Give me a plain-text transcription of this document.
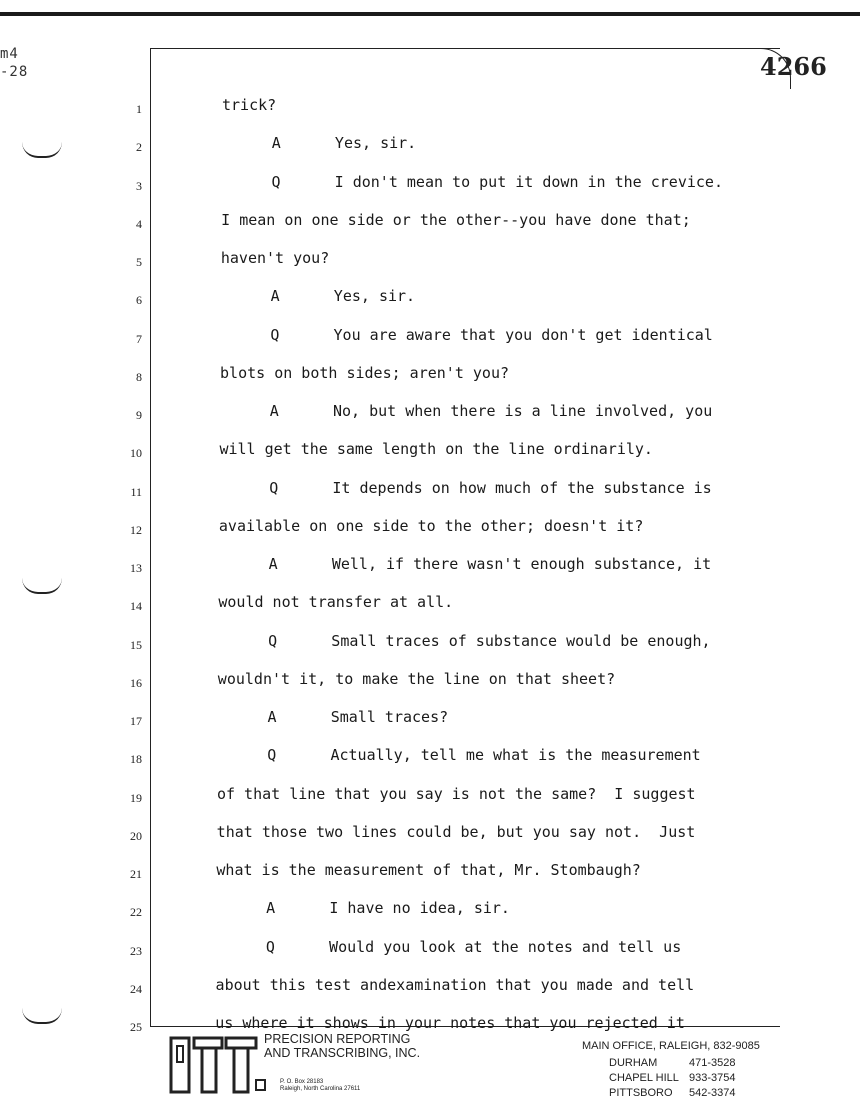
m4
-28	4266
1	trick?
2	A      Yes, sir.
3	Q      I don't mean to put it down in the crevice.
4	I mean on one side or the other--you have done that;
5	haven't you?
6	A      Yes, sir.
7	Q      You are aware that you don't get identical
8	blots on both sides; aren't you?
9	A      No, but when there is a line involved, you
10	will get the same length on the line ordinarily.
11	Q      It depends on how much of the substance is
12	available on one side to the other; doesn't it?
13	A      Well, if there wasn't enough substance, it
14	would not transfer at all.
15	Q      Small traces of substance would be enough,
16	wouldn't it, to make the line on that sheet?
17	A      Small traces?
18	Q      Actually, tell me what is the measurement
19	of that line that you say is not the same?  I suggest
20	that those two lines could be, but you say not.  Just
21	what is the measurement of that, Mr. Stombaugh?
22	A      I have no idea, sir.
23	Q      Would you look at the notes and tell us
24	about this test andexamination that you made and tell
25	us where it shows in your notes that you rejected it
PRECISION REPORTING
AND TRANSCRIBING, INC.
P. O. Box 28183
Raleigh, North Carolina 27611
MAIN OFFICE, RALEIGH, 832-9085
DURHAM	471-3528
CHAPEL HILL 933-3754
PITTSBORO 542-3374
